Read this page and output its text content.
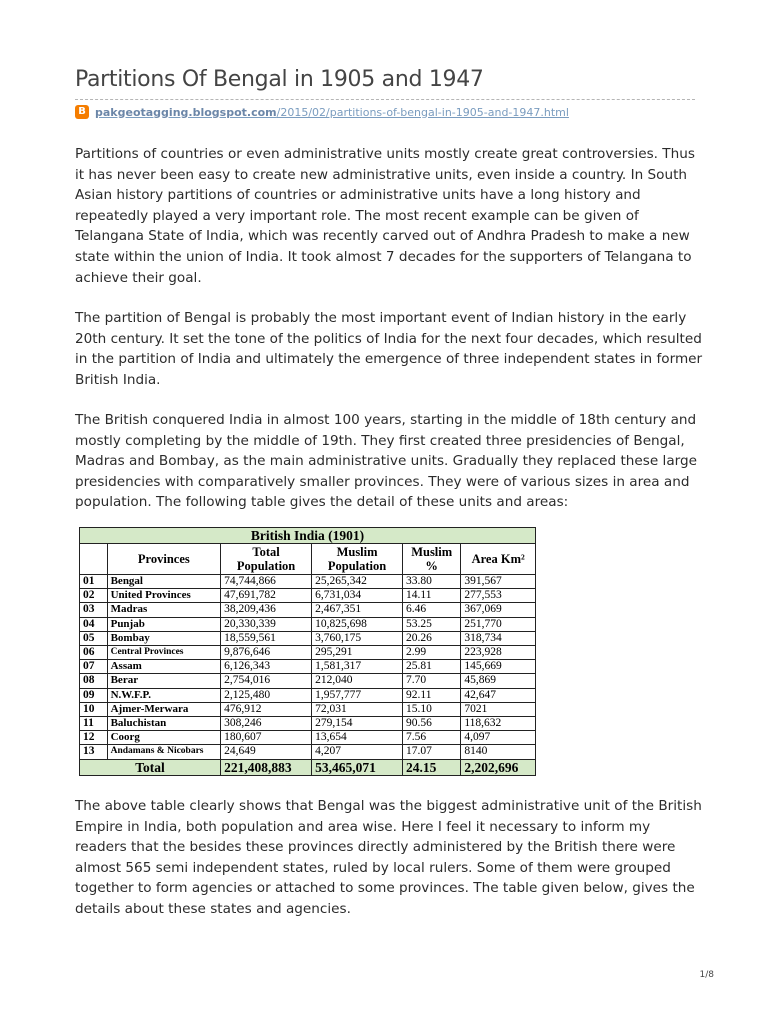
Partitions Of Bengal in 1905 and 1947
B pakgeotagging.blogspot.com/2015/02/partitions-of-bengal-in-1905-and-1947.html

Partitions of countries or even administrative units mostly create great controversies. Thus it has never been easy to create new administrative units, even inside a country. In South Asian history partitions of countries or administrative units have a long history and repeatedly played a very important role. The most recent example can be given of Telangana State of India, which was recently carved out of Andhra Pradesh to make a new state within the union of India. It took almost 7 decades for the supporters of Telangana to achieve their goal.

The partition of Bengal is probably the most important event of Indian history in the early 20th century. It set the tone of the politics of India for the next four decades, which resulted in the partition of India and ultimately the emergence of three independent states in former British India.

The British conquered India in almost 100 years, starting in the middle of 18th century and mostly completing by the middle of 19th. They first created three presidencies of Bengal, Madras and Bombay, as the main administrative units. Gradually they replaced these large presidencies with comparatively smaller provinces. They were of various sizes in area and population. The following table gives the detail of these units and areas:

The above table clearly shows that Bengal was the biggest administrative unit of the British Empire in India, both population and area wise. Here I feel it necessary to inform my readers that the besides these provinces directly administered by the British there were almost 565 semi independent states, ruled by local rulers. Some of them were grouped together to form agencies or attached to some provinces. The table given below, gives the details about these states and agencies.

British India (1901)					
	Provinces	Total Population	Muslim Population	Muslim %	Area Km²
01	Bengal	74,744,866	25,265,342	33.80	391,567
02	United Provinces	47,691,782	6,731,034	14.11	277,553
03	Madras	38,209,436	2,467,351	6.46	367,069
04	Punjab	20,330,339	10,825,698	53.25	251,770
05	Bombay	18,559,561	3,760,175	20.26	318,734
06	Central Provinces	9,876,646	295,291	2.99	223,928
07	Assam	6,126,343	1,581,317	25.81	145,669
08	Berar	2,754,016	212,040	7.70	45,869
09	N.W.F.P.	2,125,480	1,957,777	92.11	42,647
10	Ajmer-Merwara	476,912	72,031	15.10	7021
11	Baluchistan	308,246	279,154	90.56	118,632
12	Coorg	180,607	13,654	7.56	4,097
13	Andamans & Nicobars	24,649	4,207	17.07	8140
Total		221,408,883	53,465,071	24.15	2,202,696
1/8
